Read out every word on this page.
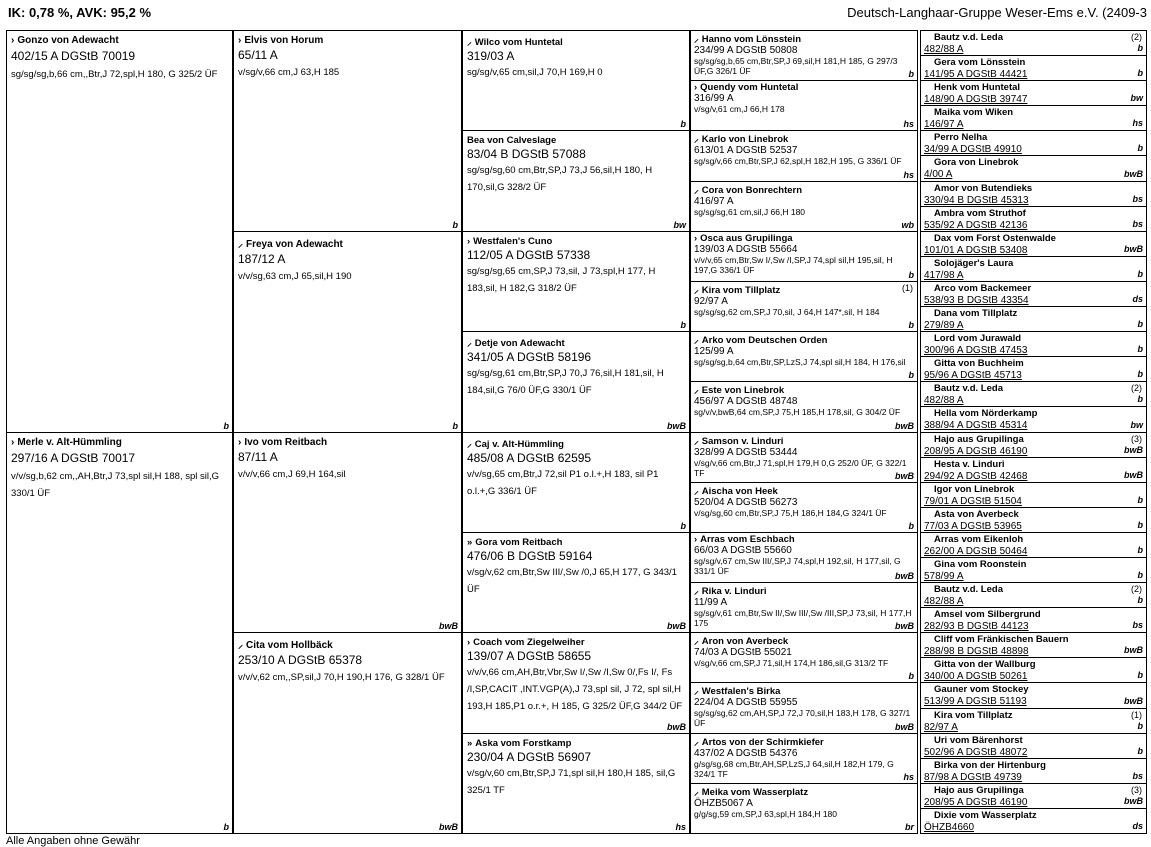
IK: 0,78 %, AVK: 95,2 %	Deutsch-Langhaar-Gruppe Weser-Ems e.V. (2409-3
› Gonzo von Adewacht
402/15 A DGStB 70019
sg/sg/sg,b,66 cm,,Btr,J 72,spl,H 180, G 325/2 ÜF
b
› Merle v. Alt-Hümmling
297/16 A DGStB 70017
v/v/sg,b,62 cm,,AH,Btr,J 73,spl sil,H 188, spl sil,G 330/1 ÜF
b
› Elvis von Horum
65/11 A
v/sg/v,66 cm,J 63,H 185
b
⸝ Freya von Adewacht
187/12 A
v/v/sg,63 cm,J 65,sil,H 190
b
› Ivo vom Reitbach
87/11 A
v/v/v,66 cm,J 69,H 164,sil
bwB
⸝ Cita vom Hollbäck
253/10 A DGStB 65378
v/v/v,62 cm,,SP,sil,J 70,H 190,H 176, G 328/1 ÜF
bwB
⸝ Wilco vom Huntetal
319/03 A
sg/sg/v,65 cm,sil,J 70,H 169,H 0
b
Bea von Calveslage
83/04 B DGStB 57088
sg/sg/sg,60 cm,Btr,SP,J 73,J 56,sil,H 180, H 170,sil,G 328/2 ÜF
bw
› Westfalen's Cuno
112/05 A DGStB 57338
sg/sg/sg,65 cm,SP,J 73,sil, J 73,spl,H 177, H 183,sil, H 182,G 318/2 ÜF
b
⸝ Detje von Adewacht
341/05 A DGStB 58196
sg/sg/sg,61 cm,Btr,SP,J 70,J 76,sil,H 181,sil, H 184,sil,G 76/0 ÜF,G 330/1 ÜF
bwB
⸝ Caj v. Alt-Hümmling
485/08 A DGStB 62595
v/v/sg,65 cm,Btr,J 72,sil P1 o.l.+,H 183, sil P1 o.l.+,G 336/1 ÜF
b
» Gora vom Reitbach
476/06 B DGStB 59164
v/sg/v,62 cm,Btr,Sw III/,Sw /0,J 65,H 177, G 343/1 ÜF
bwB
› Coach vom Ziegelweiher
139/07 A DGStB 58655
v/v/v,66 cm,AH,Btr,Vbr,Sw I/,Sw /I,Sw 0/,Fs I/, Fs /I,SP,CACIT ,INT.VGP(A),J 73,spl sil, J 72, spl sil,H 193,H 185,P1 o.r.+, H 185, G 325/2 ÜF,G 344/2 ÜF
bwB
» Aska vom Forstkamp
230/04 A DGStB 56907
v/sg/v,60 cm,Btr,SP,J 71,spl sil,H 180,H 185, sil,G 325/1 TF
hs
⸝ Hanno vom Lönsstein
234/99 A DGStB 50808
sg/sg/sg,b,65 cm,Btr,SP,J 69,sil,H 181,H 185, G 297/3 ÜF,G 326/1 ÜF	b
› Quendy vom Huntetal
316/99 A
v/sg/v,61 cm,J 66,H 178
hs
⸝ Karlo von Linebrok
613/01 A DGStB 52537
sg/sg/v,66 cm,Btr,SP,J 62,spl,H 182,H 195, G 336/1 ÜF
hs
⸝ Cora von Bonrechtern
416/97 A
sg/sg/sg,61 cm,sil,J 66,H 180
wb
› Osca aus Grupilinga
139/03 A DGStB 55664
v/v/v,65 cm,Btr,Sw I/,Sw /I,SP,J 74,spl sil,H 195,sil, H 197,G 336/1 ÜF
b
⸝ Kira vom Tillplatz
92/97 A
sg/sg/sg,62 cm,SP,J 70,sil, J 64,H 147*,sil, H 184
(1)
b
⸝ Arko vom Deutschen Orden
125/99 A
sg/sg/sg,b,64 cm,Btr,SP,LzS,J 74,spl sil,H 184, H 176,sil
b
⸝ Este von Linebrok
456/97 A DGStB 48748
sg/v/v,bwB,64 cm,SP,J 75,H 185,H 178,sil, G 304/2 ÜF
bwB
⸝ Samson v. Linduri
328/99 A DGStB 53444
v/sg/v,66 cm,Btr,J 71,spl,H 179,H 0,G 252/0 ÜF, G 322/1 TF	bwB
⸝ Aischa von Heek
520/04 A DGStB 56273
v/sg/sg,60 cm,Btr,SP,J 75,H 186,H 184,G 324/1 ÜF
b
› Arras vom Eschbach
66/03 A DGStB 55660
sg/sg/v,67 cm,Sw III/,SP,J 74,spl,H 192,sil, H 177,sil, G 331/1 ÜF
bwB
⸝ Rika v. Linduri
11/99 A
sg/sg/v,61 cm,Btr,Sw II/,Sw III/,Sw /III,SP,J 73,sil, H 177,H 175	bwB
⸝ Aron von Averbeck
74/03 A DGStB 55021
v/sg/v,66 cm,SP,J 71,sil,H 174,H 186,sil,G 313/2 TF
b
⸝ Westfalen's Birka
224/04 A DGStB 55955
sg/sg/sg,62 cm,AH,SP,J 72,J 70,sil,H 183,H 178, G 327/1 ÜF	bwB
⸝ Artos von der Schirmkiefer
437/02 A DGStB 54376
g/sg/sg,68 cm,Btr,AH,SP,LzS,J 64,sil,H 182,H 179, G 324/1 TF	hs
⸝ Meika vom Wasserplatz
ÖHZB5067 A
g/g/sg,59 cm,SP,J 63,spl,H 184,H 180
br
Bautz v.d. Leda
482/88 A
(2)
b
Gera vom Lönsstein
141/95 A DGStB 44421	b
Henk vom Huntetal
148/90 A DGStB 39747	bw
Maika vom Wiken
146/97 A	hs
Perro Nelha
34/99 A DGStB 49910	b
Gora von Linebrok
4/00 A	bwB
Amor von Butendieks
330/94 B DGStB 45313	bs
Ambra vom Struthof
535/92 A DGStB 42136	bs
Dax vom Forst Ostenwalde
101/01 A DGStB 53408	bwB
Solojäger's Laura
417/98 A	b
Arco vom Backemeer
538/93 B DGStB 43354	ds
Dana vom Tillplatz
279/89 A	b
Lord vom Jurawald
300/96 A DGStB 47453	b
Gitta von Buchheim
95/96 A DGStB 45713	b
Bautz v.d. Leda
482/88 A
(2)
b
Hella vom Nörderkamp
388/94 A DGStB 45314	bw
Hajo aus Grupilinga
208/95 A DGStB 46190
(3)
bwB
Hesta v. Linduri
294/92 A DGStB 42468	bwB
Igor von Linebrok
79/01 A DGStB 51504	b
Asta von Averbeck
77/03 A DGStB 53965	b
Arras vom Eikenloh
262/00 A DGStB 50464	b
Gina vom Roonstein
578/99 A	b
Bautz v.d. Leda
482/88 A
(2)
b
Amsel vom Silbergrund
282/93 B DGStB 44123	bs
Cliff vom Fränkischen Bauern
288/98 B DGStB 48898	bwB
Gitta von der Wallburg
340/00 A DGStB 50261	b
Gauner vom Stockey
513/99 A DGStB 51193	bwB
Kira vom Tillplatz
82/97 A
(1)
b
Uri vom Bärenhorst
502/96 A DGStB 48072	b
Birka von der Hirtenburg
87/98 A DGStB 49739	bs
Hajo aus Grupilinga
208/95 A DGStB 46190
(3)
bwB
Dixie vom Wasserplatz
ÖHZB4660	ds
Alle Angaben ohne Gewähr
